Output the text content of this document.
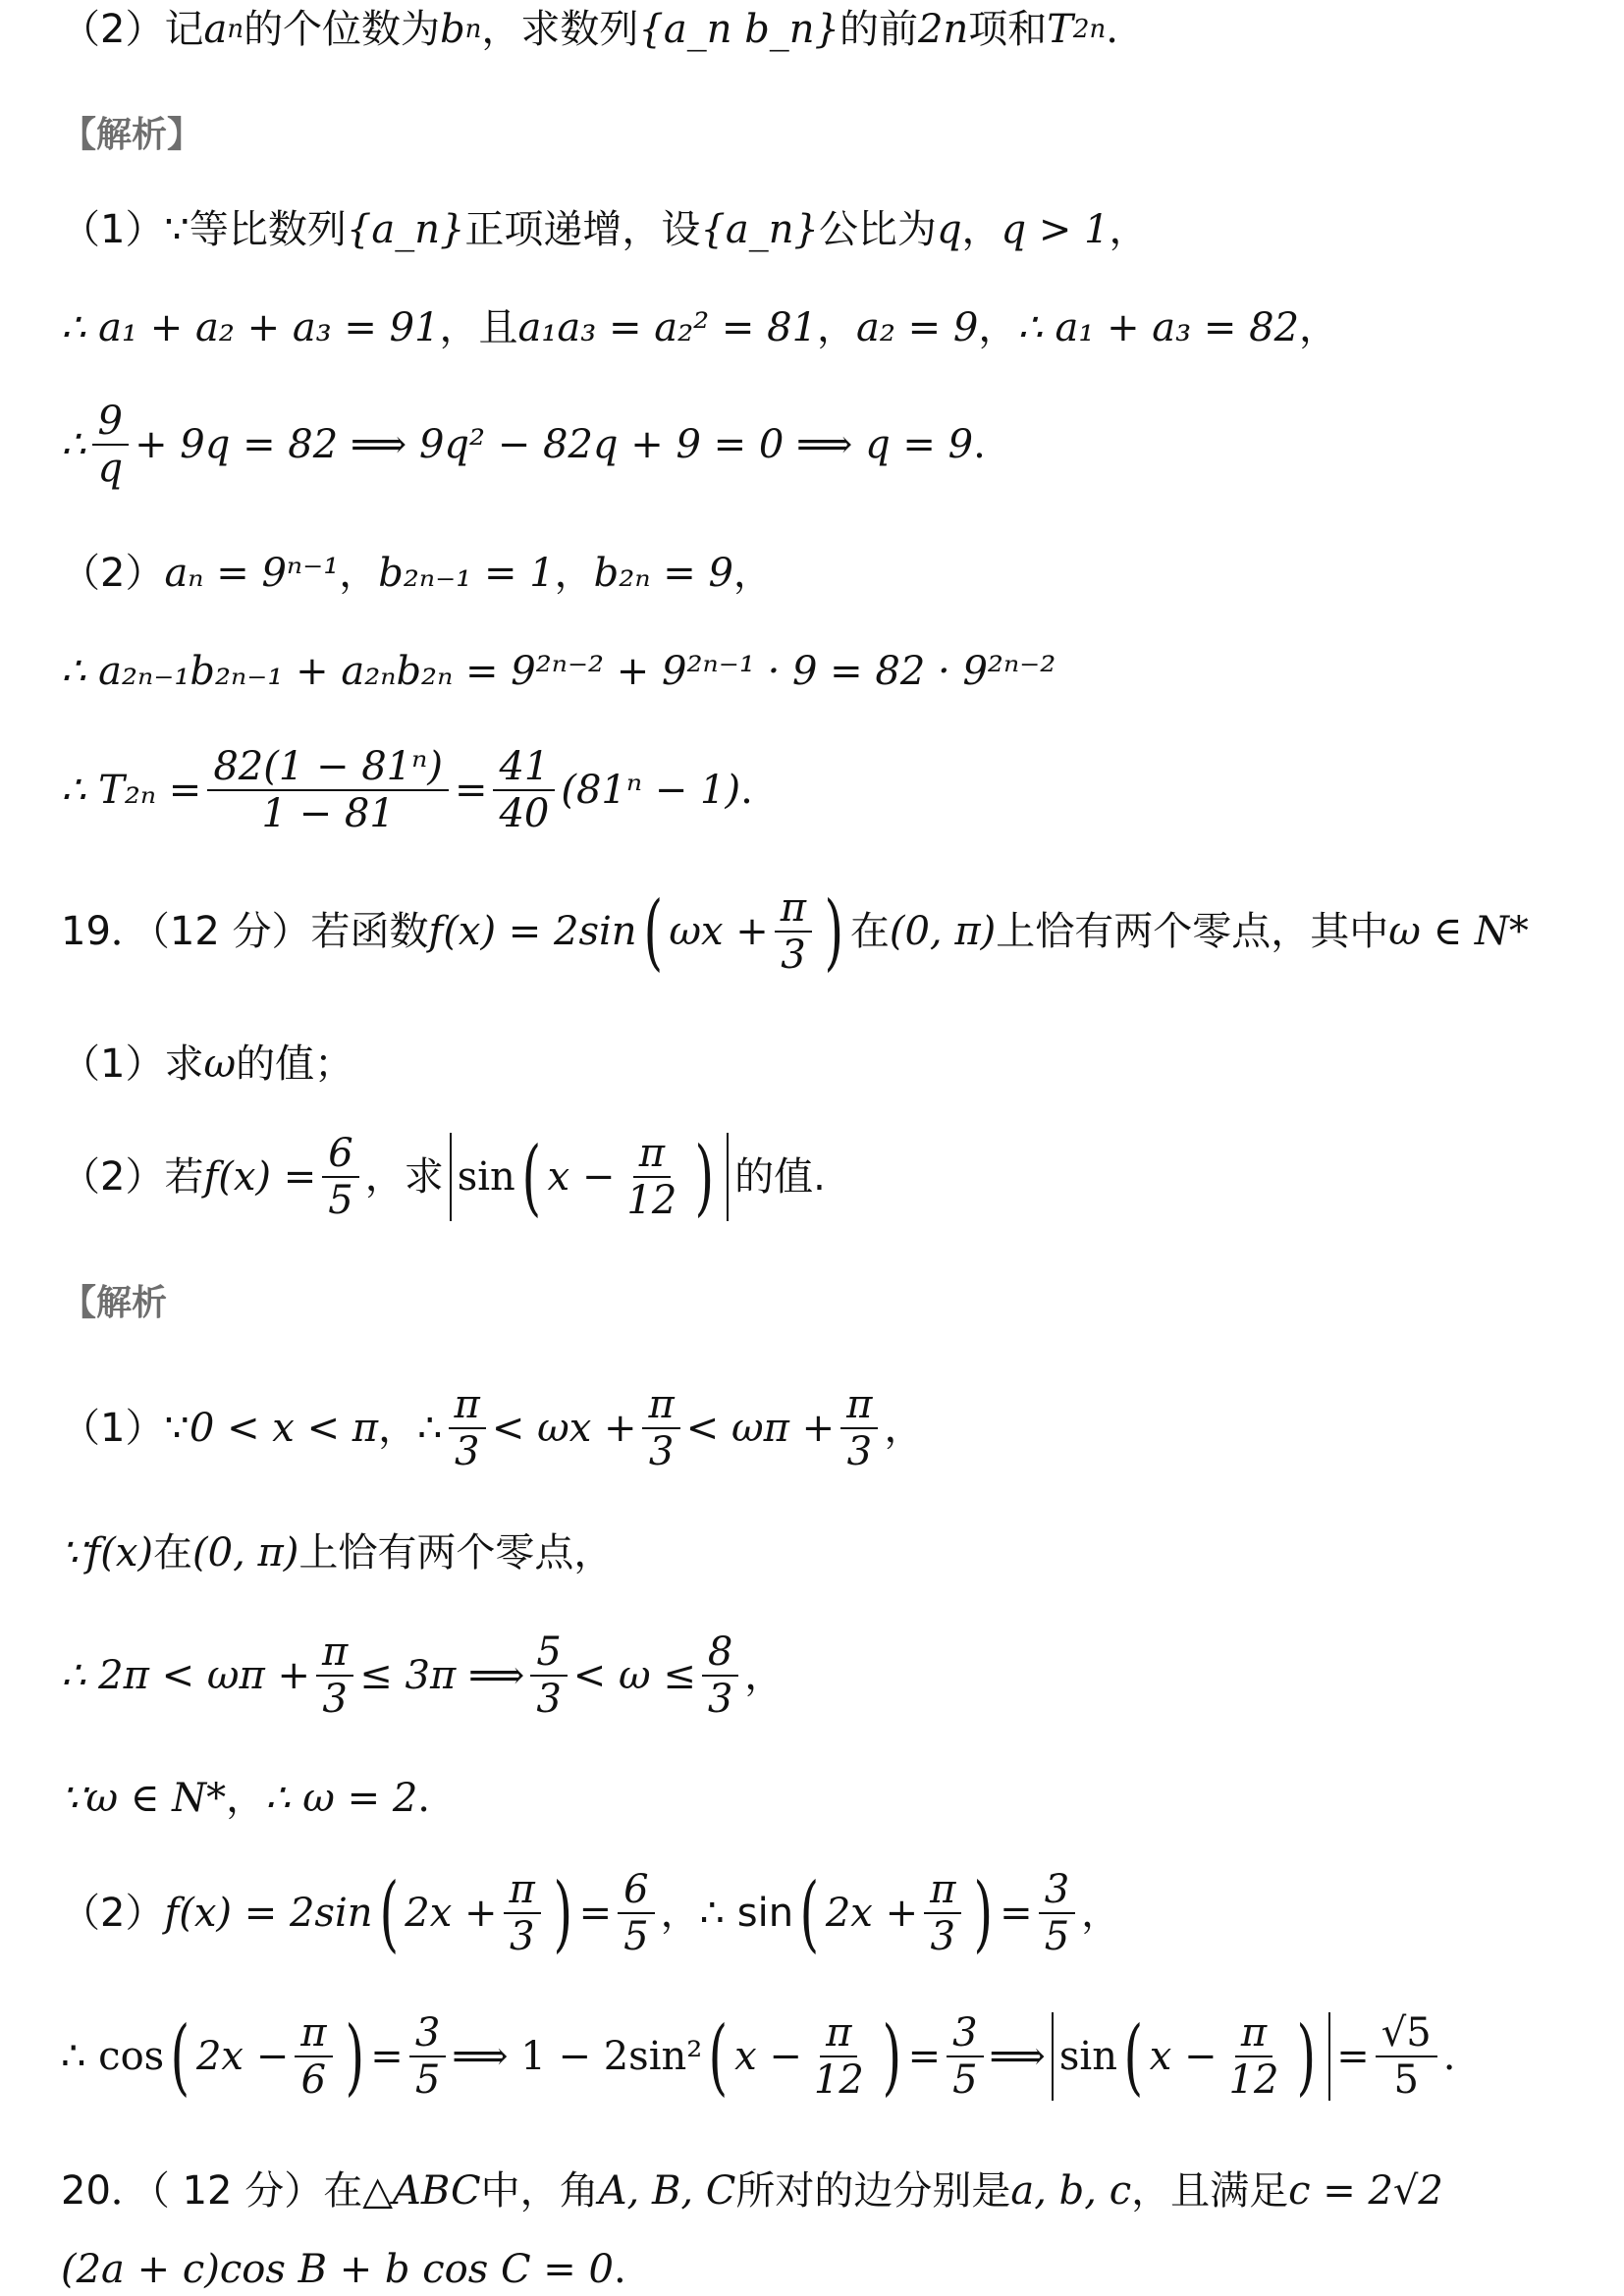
（2）记 a n 的个位数为 b n ，求数列 {a_n b_n} 的前 2n 项和 T 2n .
【解析】
（1）∵等比数列 {a_n} 正项递增，设 {a_n} 公比为 q ， q > 1 ，
∴ a₁ + a₂ + a₃ = 91 ，且 a₁a₃ = a₂² = 81 ， a₂ = 9 ， ∴ a₁ + a₃ = 82 ，
∴ $\frac{9}{q} + 9q = 82$ ⟹ 9q² − 82q + 9 = 0 ⟹ q = 9 .
（2） aₙ = 9ⁿ⁻¹ ， b₂ₙ₋₁ = 1 ， b₂ₙ = 9 ，
∴ a₂ₙ₋₁b₂ₙ₋₁ + a₂ₙb₂ₙ = 9²ⁿ⁻² + 9²ⁿ⁻¹ · 9 = 82 · 9²ⁿ⁻²
∴ $T_{2n} = \frac{\text{82(1 − 81ⁿ)}}{1 - 81} = \frac{41}{40} (81^n - 1)$ .
19．（12 分）若函数 f(x) = 2sin ( $\omega x + \frac{\pi}{3}$ ) 在 (0, π) 上恰有两个零点，其中 ω ∈ N*
（1）求 ω 的值；
（2）若 $f(x) = \frac{6}{5}$ ，求 sin ( $x - \frac{\pi}{12}$ ) 的值.
【解析
（1）∵ 0 < x < π ，∴ $\frac{\pi}{3} < \omega x + \frac{\pi}{3} < \omega\pi + \frac{\pi}{3}$ ，
∵ f(x) 在 (0, π) 上恰有两个零点，
∴ $2\pi < \omega\pi + \frac{\pi}{3} \le 3\pi$ ⟹ $\frac{5}{3} < \omega \le \frac{8}{3}$ ，
∵ ω ∈ N* ， ∴ ω = 2 .
（2） f(x) = 2sin ( $2x + \frac{\pi}{3}$ ) = $\frac{6}{5}$ ，∴ sin ( $2x + \frac{\pi}{3}$ ) = $\frac{3}{5}$ ，
∴ cos ( $2x - \frac{\pi}{6}$ ) = $\frac{3}{5}$ ⟹ 1 − 2sin² ( $x - \frac{\pi}{12}$ ) = $\frac{3}{5}$ ⟹ sin ( $x - \frac{\pi}{12}$ ) = $\frac{√5}{5}$ .
20．（ 12 分）在 △ABC 中，角 A, B, C 所对的边分别是 a, b, c ，且满足 c = 2√2
(2a + c)cos B + b cos C = 0 .
